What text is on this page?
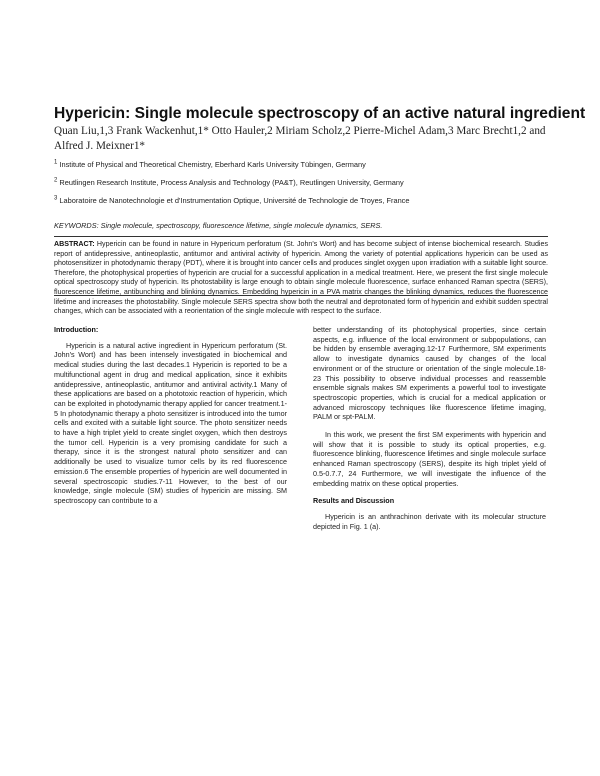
Hypericin: Single molecule spectroscopy of an active natural ingredient
Quan Liu,1,3 Frank Wackenhut,1* Otto Hauler,2 Miriam Scholz,2 Pierre-Michel Adam,3 Marc Brecht1,2 and Alfred J. Meixner1*
$^1$ Institute of Physical and Theoretical Chemistry, Eberhard Karls University Tübingen, Germany
$^2$ Reutlingen Research Institute, Process Analysis and Technology (PA&T), Reutlingen University, Germany
$^3$ Laboratoire de Nanotechnologie et d'Instrumentation Optique, Université de Technologie de Troyes, France
KEYWORDS: Single molecule, spectroscopy, fluorescence lifetime, single molecule dynamics, SERS.
ABSTRACT: Hypericin can be found in nature in Hypericum perforatum (St. John's Wort) and has become subject of intense biochemical research. Studies report of antidepressive, antineoplastic, antitumor and antiviral activity of hypericin. Among the variety of potential applications hypericin can be used as photosensitizer in photodynamic therapy (PDT), where it is brought into cancer cells and produces singlet oxygen upon irradiation with a suitable light source. Therefore, the photophysical properties of hypericin are crucial for a successful application in a medical treatment. Here, we present the first single molecule optical spectroscopy study of hypericin. Its photostability is large enough to obtain single molecule fluorescence, surface enhanced Raman spectra (SERS), fluorescence lifetime, antibunching and blinking dynamics. Embedding hypericin in a PVA matrix changes the blinking dynamics, reduces the fluorescence lifetime and increases the photostability. Single molecule SERS spectra show both the neutral and deprotonated form of hypericin and exhibit sudden spectral changes, which can be associated with a reorientation of the single molecule with respect to the surface.
Introduction:
Hypericin is a natural active ingredient in Hypericum perforatum (St. John's Wort) and has been intensely investigated in biochemical and medical studies during the last decades.1 Hypericin is reported to be a multifunctional agent in drug and medical application, since it exhibits antidepressive, antineoplastic, antitumor and antiviral activity.1 Many of these applications are based on a phototoxic reaction of hypericin, which can be exploited in photodynamic therapy applied for cancer treatment.1-5 In photodynamic therapy a photo sensitizer is introduced into the tumor cells and excited with a suitable light source. The photo sensitizer needs to have a high triplet yield to create singlet oxygen, which then destroys the tumor cell. Hypericin is a very promising candidate for such a therapy, since it is the strongest natural photo sensitizer and can additionally be used to visualize tumor cells by its red fluorescence emission.6 The ensemble properties of hypericin are well documented in several spectroscopic studies.7-11 However, to the best of our knowledge, single molecule (SM) studies of hypericin are missing. SM spectroscopy can contribute to a
better understanding of its photophysical properties, since certain aspects, e.g. influence of the local environment or subpopulations, can be hidden by ensemble averaging.12-17 Furthermore, SM experiments allow to investigate dynamics caused by changes of the local environment or of the structure or orientation of the single molecule.18-23 This possibility to observe individual processes and reassemble ensemble signals makes SM experiments a powerful tool to investigate spectroscopic properties, which is crucial for a medical application or advanced microscopy techniques like fluorescence lifetime imaging, PALM or spt-PALM.
In this work, we present the first SM experiments with hypericin and will show that it is possible to study its optical properties, e.g. fluorescence blinking, fluorescence lifetimes and single molecule surface enhanced Raman spectroscopy (SERS), despite its high triplet yield of 0.5-0.7.7, 24 Furthermore, we will investigate the influence of the embedding matrix on these optical properties.
Results and Discussion
Hypericin is an anthrachinon derivate with its molecular structure depicted in Fig. 1 (a).
